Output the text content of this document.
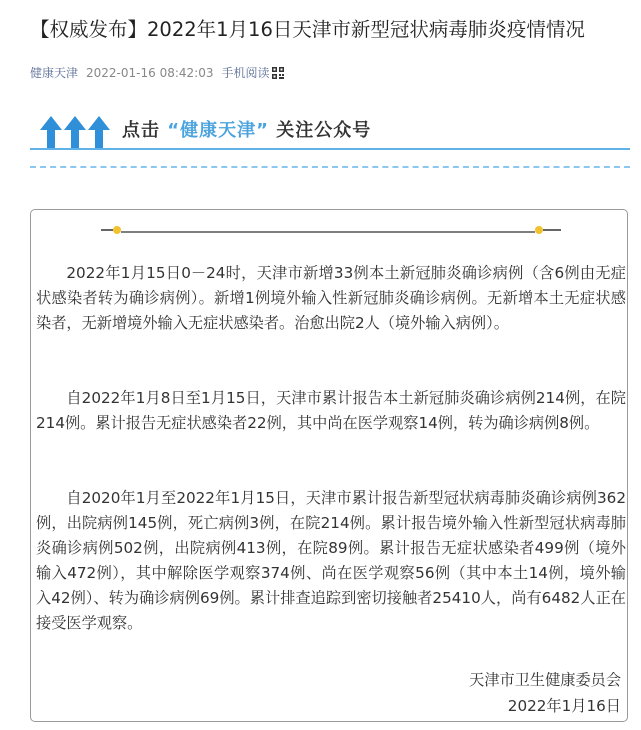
【权威发布】2022年1月16日天津市新型冠状病毒肺炎疫情情况
健康天津 2022-01-16 08:42:03 手机阅读
点击 “健康天津” 关注公众号
2022年1月15日0－24时，天津市新增33例本土新冠肺炎确诊病例（含6例由无症状感染者转为确诊病例）。新增1例境外输入性新冠肺炎确诊病例。无新增本土无症状感染者，无新增境外输入无症状感染者。治愈出院2人（境外输入病例）。
自2022年1月8日至1月15日，天津市累计报告本土新冠肺炎确诊病例214例，在院214例。累计报告无症状感染者22例，其中尚在医学观察14例，转为确诊病例8例。
自2020年1月至2022年1月15日，天津市累计报告新型冠状病毒肺炎确诊病例362例，出院病例145例，死亡病例3例，在院214例。累计报告境外输入性新型冠状病毒肺炎确诊病例502例，出院病例413例，在院89例。累计报告无症状感染者499例（境外输入472例），其中解除医学观察374例、尚在医学观察56例（其中本土14例，境外输入42例）、转为确诊病例69例。累计排查追踪到密切接触者25410人，尚有6482人正在接受医学观察。
天津市卫生健康委员会
2022年1月16日
